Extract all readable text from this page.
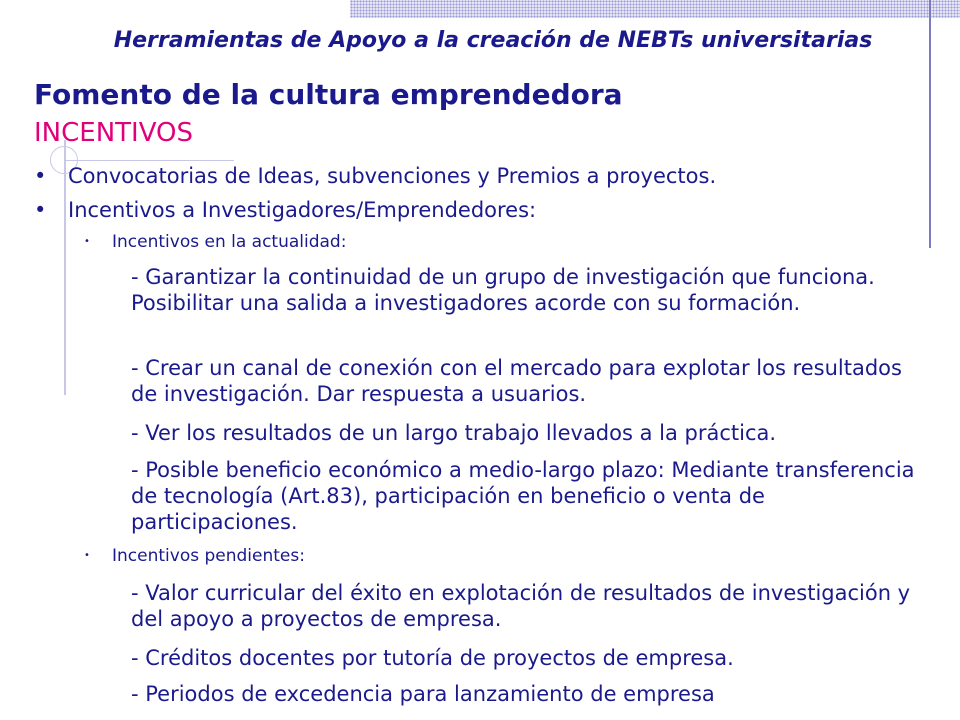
Herramientas de Apoyo a la creación de NEBTs universitarias
Fomento de la cultura emprendedora
INCENTIVOS
• Convocatorias de Ideas, subvenciones y Premios a proyectos.
• Incentivos a Investigadores/Emprendedores:
• Incentivos en la actualidad:
- Garantizar la continuidad de un grupo de investigación que funciona. Posibilitar una salida a investigadores acorde con su formación.
- Crear un canal de conexión con el mercado para explotar los resultados de investigación. Dar respuesta a usuarios.
- Ver los resultados de un largo trabajo llevados a la práctica.
- Posible beneficio económico a medio-largo plazo: Mediante transferencia de tecnología (Art.83), participación en beneficio o venta de participaciones.
• Incentivos pendientes:
- Valor curricular del éxito en explotación de resultados de investigación y del apoyo a proyectos de empresa.
- Créditos docentes por tutoría de proyectos de empresa.
- Periodos de excedencia para lanzamiento de empresa
